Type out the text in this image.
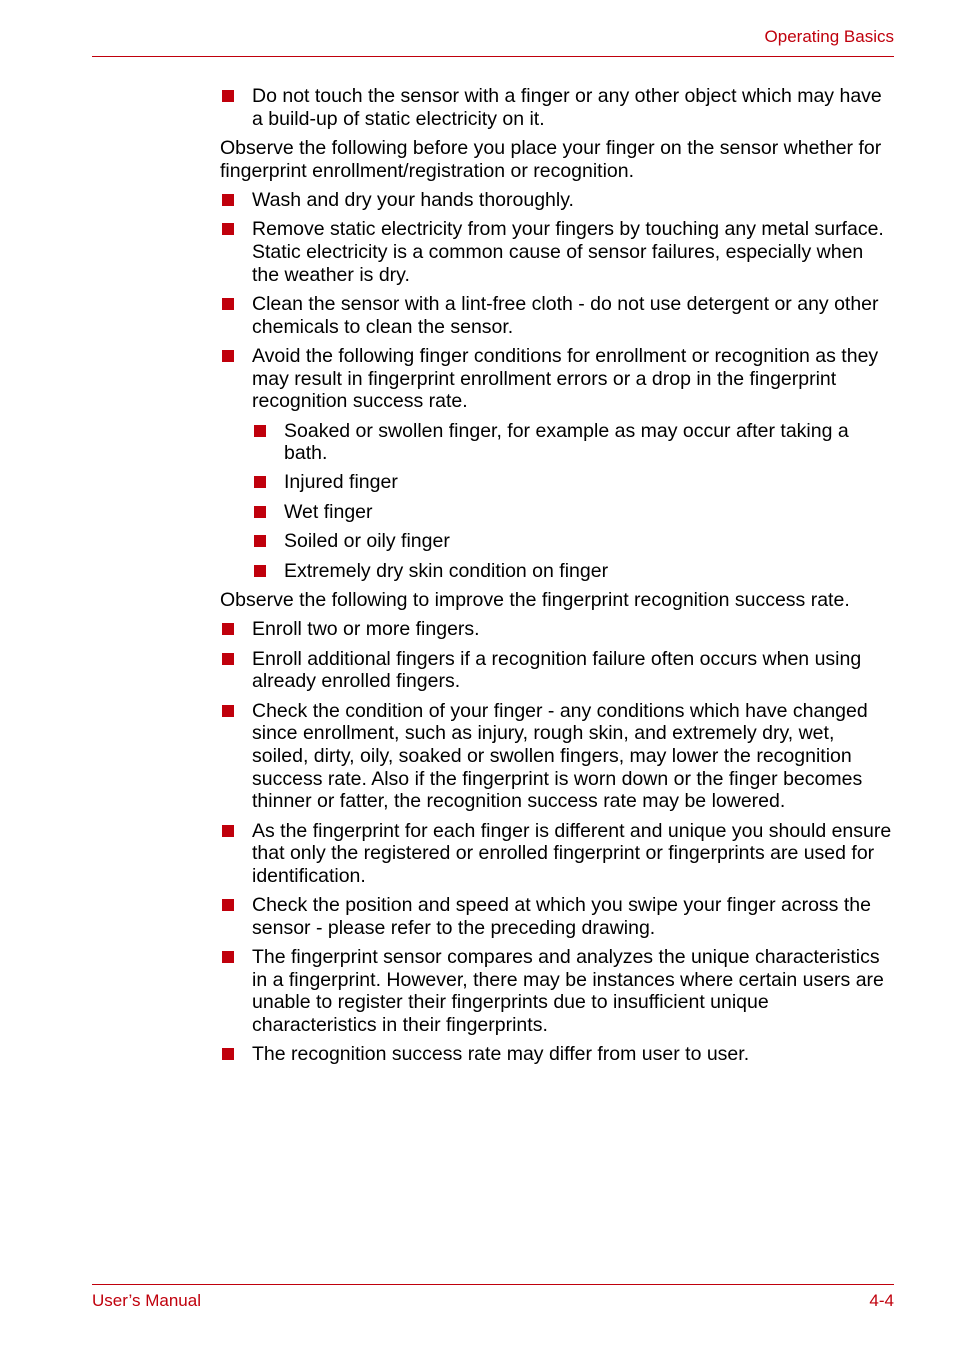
Operating Basics
Do not touch the sensor with a finger or any other object which may have a build-up of static electricity on it.
Observe the following before you place your finger on the sensor whether for fingerprint enrollment/registration or recognition.
Wash and dry your hands thoroughly.
Remove static electricity from your fingers by touching any metal surface. Static electricity is a common cause of sensor failures, especially when the weather is dry.
Clean the sensor with a lint-free cloth - do not use detergent or any other chemicals to clean the sensor.
Avoid the following finger conditions for enrollment or recognition as they may result in fingerprint enrollment errors or a drop in the fingerprint recognition success rate.
Soaked or swollen finger, for example as may occur after taking a bath.
Injured finger
Wet finger
Soiled or oily finger
Extremely dry skin condition on finger
Observe the following to improve the fingerprint recognition success rate.
Enroll two or more fingers.
Enroll additional fingers if a recognition failure often occurs when using already enrolled fingers.
Check the condition of your finger - any conditions which have changed since enrollment, such as injury, rough skin, and extremely dry, wet, soiled, dirty, oily, soaked or swollen fingers, may lower the recognition success rate. Also if the fingerprint is worn down or the finger becomes thinner or fatter, the recognition success rate may be lowered.
As the fingerprint for each finger is different and unique you should ensure that only the registered or enrolled fingerprint or fingerprints are used for identification.
Check the position and speed at which you swipe your finger across the sensor - please refer to the preceding drawing.
The fingerprint sensor compares and analyzes the unique characteristics in a fingerprint. However, there may be instances where certain users are unable to register their fingerprints due to insufficient unique characteristics in their fingerprints.
The recognition success rate may differ from user to user.
User’s Manual	4-4
